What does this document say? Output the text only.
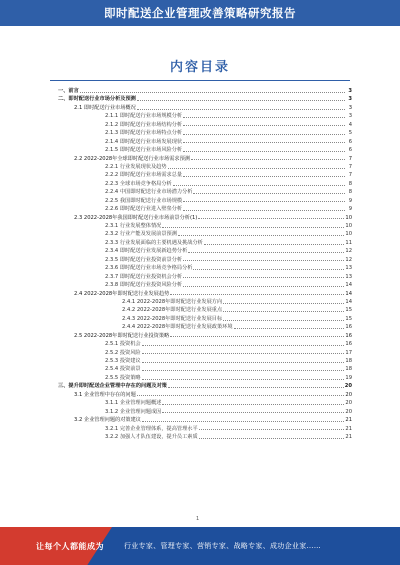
即时配送企业管理改善策略研究报告
内容目录
一、前言	3
二、即时配送行业市场分析及预测	3
2.1 即时配送行业市场概况	3
2.1.1 即时配送行业市场规模分析	3
2.1.2 即时配送行业市场结构分析	4
2.1.3 即时配送行业市场特点分析	5
2.1.4 即时配送行业市场发展现状	6
2.1.5 即时配送行业市场风险分析	6
2.2 2022-2028年全球即时配送行业市场需求预测	7
2.2.1 行业发展现状及趋势	7
2.2.2 即时配送行业市场需求总量	7
2.2.3 全球市场竞争格局分析	8
2.2.4 中国即时配送行业市场潜力分析	8
2.2.5 我国即时配送行业市场规模	9
2.2.6 即时配送行业进入壁垒分析	9
2.3 2022-2028年我国即时配送行业市场前景分析(1)	10
2.3.1 行业发展整体情况	10
2.3.2 行业产能及发展前景预测	10
2.3.3 行业发展面临的主要机遇及挑战分析	11
2.3.4 即时配送行业发展新趋势分析	12
2.3.5 即时配送行业投资前景分析	12
2.3.6 即时配送行业市场竞争格局分析	13
2.3.7 即时配送行业投资机会分析	13
2.3.8 即时配送行业投资风险分析	14
2.4 2022-2028年即时配送行业发展趋势	14
2.4.1 2022-2028年即时配送行业发展方向	14
2.4.2 2022-2028年即时配送行业发展重点	15
2.4.3 2022-2028年即时配送行业发展目标	15
2.4.4 2022-2028年即时配送行业发展政策环境	16
2.5 2022-2028年即时配送行业投资策略	16
2.5.1 投资机会	16
2.5.2 投资风险	17
2.5.3 投资建议	18
2.5.4 投资前景	18
2.5.5 投资策略	19
三、提升即时配送企业管理中存在的问题及对策	20
3.1 企业管理中存在的问题	20
3.1.1 企业管理问题概述	20
3.1.2 企业管理问题成因	20
3.2 企业管理问题的对策建议	21
3.2.1 完善企业管理体系，提高管理水平	21
3.2.2 加强人才队伍建设，提升员工素质	21
1
让每个人都能成为	行业专家、管理专家、营销专家、战略专家、成功企业家……
